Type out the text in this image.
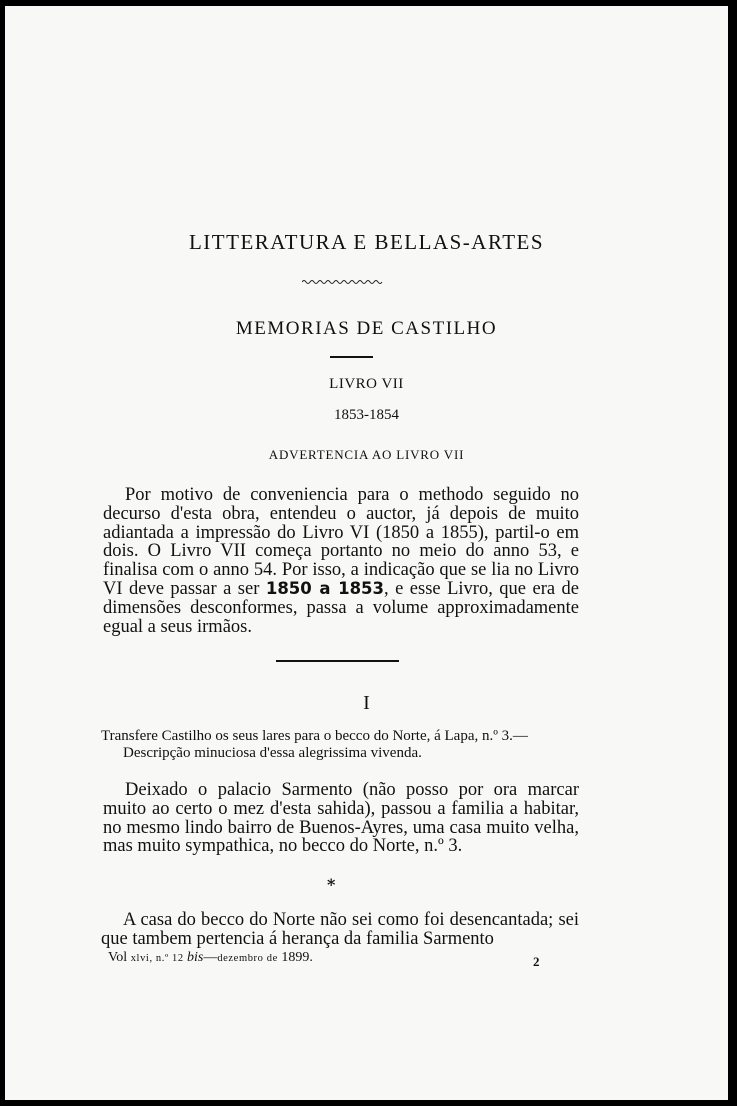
LITTERATURA E BELLAS-ARTES
MEMORIAS DE CASTILHO
LIVRO VII
1853-1854
ADVERTENCIA AO LIVRO VII

Por motivo de conveniencia para o methodo seguido no decurso d'esta obra, entendeu o auctor, já depois de muito adiantada a impressão do Livro VI (1850 a 1855), partil-o em dois. O Livro VII começa portanto no meio do anno 53, e finalisa com o anno 54. Por isso, a indicação que se lia no Livro VI deve passar a ser 1850 a 1853, e esse Livro, que era de dimensões desconformes, passa a volume approximadamente egual a seus irmãos.

I
Transfere Castilho os seus lares para o becco do Norte, á Lapa, n.º 3.—
Descripção minuciosa d'essa alegrissima vivenda.

Deixado o palacio Sarmento (não posso por ora marcar muito ao certo o mez d'esta sahida), passou a familia a habitar, no mesmo lindo bairro de Buenos-Ayres, uma casa muito velha, mas muito sympathica, no becco do Norte, n.º 3.

*

A casa do becco do Norte não sei como foi desencantada; sei que tambem pertencia á herança da familia Sarmento

Vol xlvi, n.º 12 bis—dezembro de 1899.	2
